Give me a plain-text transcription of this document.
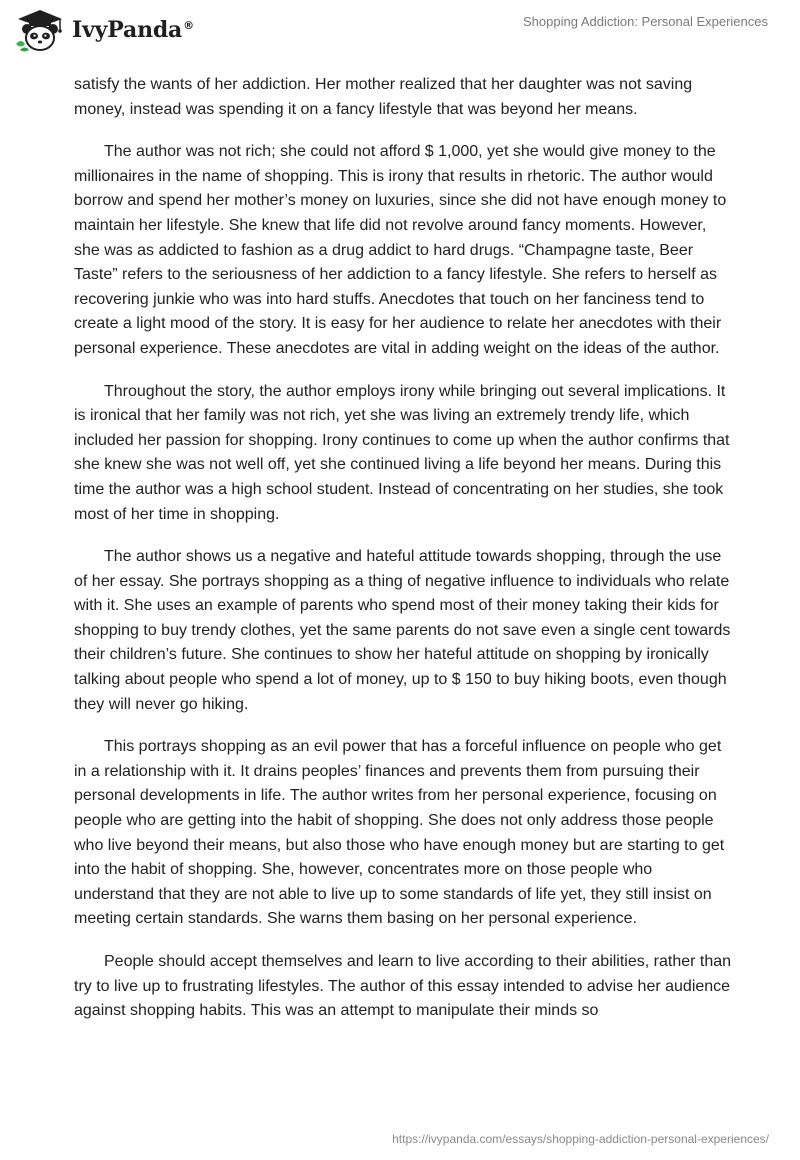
IvyPanda®	Shopping Addiction: Personal Experiences

satisfy the wants of her addiction. Her mother realized that her daughter was not saving money, instead was spending it on a fancy lifestyle that was beyond her means.

The author was not rich; she could not afford $ 1,000, yet she would give money to the millionaires in the name of shopping. This is irony that results in rhetoric. The author would borrow and spend her mother’s money on luxuries, since she did not have enough money to maintain her lifestyle. She knew that life did not revolve around fancy moments. However, she was as addicted to fashion as a drug addict to hard drugs. “Champagne taste, Beer Taste” refers to the seriousness of her addiction to a fancy lifestyle. She refers to herself as recovering junkie who was into hard stuffs. Anecdotes that touch on her fanciness tend to create a light mood of the story. It is easy for her audience to relate her anecdotes with their personal experience. These anecdotes are vital in adding weight on the ideas of the author.

Throughout the story, the author employs irony while bringing out several implications. It is ironical that her family was not rich, yet she was living an extremely trendy life, which included her passion for shopping. Irony continues to come up when the author confirms that she knew she was not well off, yet she continued living a life beyond her means. During this time the author was a high school student. Instead of concentrating on her studies, she took most of her time in shopping.

The author shows us a negative and hateful attitude towards shopping, through the use of her essay. She portrays shopping as a thing of negative influence to individuals who relate with it. She uses an example of parents who spend most of their money taking their kids for shopping to buy trendy clothes, yet the same parents do not save even a single cent towards their children’s future. She continues to show her hateful attitude on shopping by ironically talking about people who spend a lot of money, up to $ 150 to buy hiking boots, even though they will never go hiking.

This portrays shopping as an evil power that has a forceful influence on people who get in a relationship with it. It drains peoples’ finances and prevents them from pursuing their personal developments in life. The author writes from her personal experience, focusing on people who are getting into the habit of shopping. She does not only address those people who live beyond their means, but also those who have enough money but are starting to get into the habit of shopping. She, however, concentrates more on those people who understand that they are not able to live up to some standards of life yet, they still insist on meeting certain standards. She warns them basing on her personal experience.

People should accept themselves and learn to live according to their abilities, rather than try to live up to frustrating lifestyles. The author of this essay intended to advise her audience against shopping habits. This was an attempt to manipulate their minds so

https://ivypanda.com/essays/shopping-addiction-personal-experiences/
